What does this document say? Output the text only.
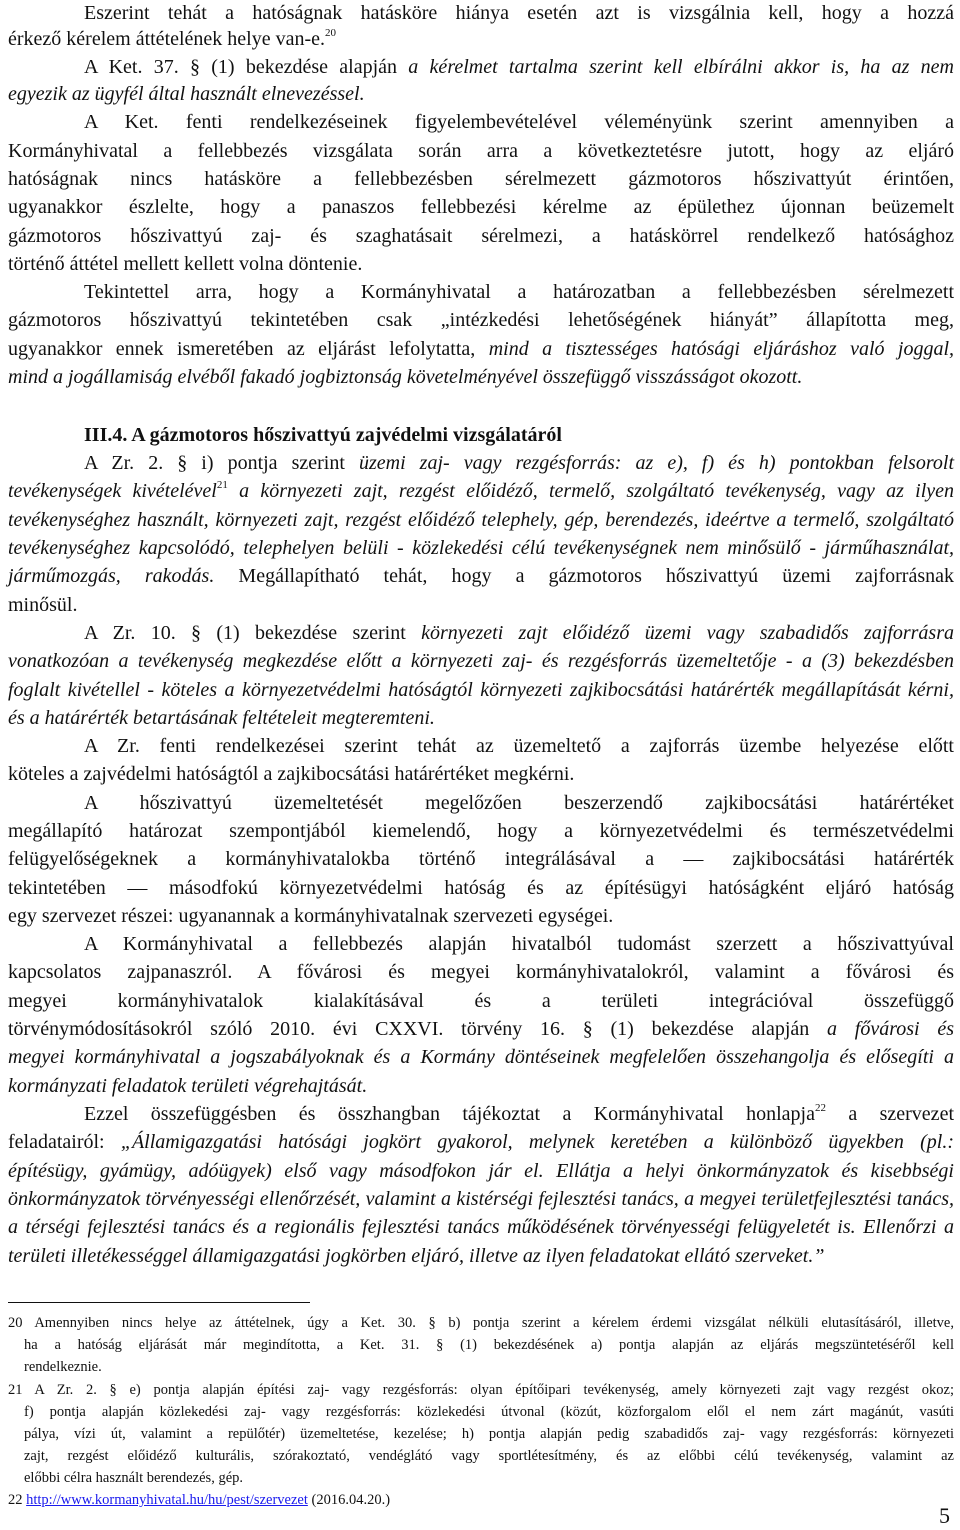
Eszerint tehát a hatóságnak hatásköre hiánya esetén azt is vizsgálnia kell, hogy a hozzá
érkező kérelem áttételének helye van-e.$^{20}$
A Ket. 37. § (1) bekezdése alapján a kérelmet tartalma szerint kell elbírálni akkor is, ha az nem
egyezik az ügyfél által használt elnevezéssel.
A Ket. fenti rendelkezéseinek figyelembevételével véleményünk szerint amennyiben a
Kormányhivatal a fellebbezés vizsgálata során arra a következtetésre jutott, hogy az eljáró
hatóságnak nincs hatásköre a fellebbezésben sérelmezett gázmotoros hőszivattyút érintően,
ugyanakkor észlelte, hogy a panaszos fellebbezési kérelme az épülethez újonnan beüzemelt
gázmotoros hőszivattyú zaj- és szaghatásait sérelmezi, a hatáskörrel rendelkező hatósághoz
történő áttétel mellett kellett volna döntenie.
Tekintettel arra, hogy a Kormányhivatal a határozatban a fellebbezésben sérelmezett
gázmotoros hőszivattyú tekintetében csak „intézkedési lehetőségének hiányát” állapította meg,
ugyanakkor ennek ismeretében az eljárást lefolytatta, mind a tisztességes hatósági eljáráshoz való joggal,
mind a jogállamiság elvéből fakadó jogbiztonság követelményével összefüggő visszásságot okozott.
III.4. A gázmotoros hőszivattyú zajvédelmi vizsgálatáról
A Zr. 2. § i) pontja szerint üzemi zaj- vagy rezgésforrás: az e), f) és h) pontokban felsorolt
tevékenységek kivételével$^{21}$ a környezeti zajt, rezgést előidéző, termelő, szolgáltató tevékenység, vagy az ilyen
tevékenységhez használt, környezeti zajt, rezgést előidéző telephely, gép, berendezés, ideértve a termelő, szolgáltató
tevékenységhez kapcsolódó, telephelyen belüli - közlekedési célú tevékenységnek nem minősülő - járműhasználat,
járműmozgás, rakodás. Megállapítható tehát, hogy a gázmotoros hőszivattyú üzemi zajforrásnak
minősül.
A Zr. 10. § (1) bekezdése szerint környezeti zajt előidéző üzemi vagy szabadidős zajforrásra
vonatkozóan a tevékenység megkezdése előtt a környezeti zaj- és rezgésforrás üzemeltetője - a (3) bekezdésben
foglalt kivétellel - köteles a környezetvédelmi hatóságtól környezeti zajkibocsátási határérték megállapítását kérni,
és a határérték betartásának feltételeit megteremteni.
A Zr. fenti rendelkezései szerint tehát az üzemeltető a zajforrás üzembe helyezése előtt
köteles a zajvédelmi hatóságtól a zajkibocsátási határértéket megkérni.
A hőszivattyú üzemeltetését megelőzően beszerzendő zajkibocsátási határértéket
megállapító határozat szempontjából kiemelendő, hogy a környezetvédelmi és természetvédelmi
felügyelőségeknek a kormányhivatalokba történő integrálásával a — zajkibocsátási határérték
tekintetében — másodfokú környezetvédelmi hatóság és az építésügyi hatóságként eljáró hatóság
egy szervezet részei: ugyanannak a kormányhivatalnak szervezeti egységei.
A Kormányhivatal a fellebbezés alapján hivatalból tudomást szerzett a hőszivattyúval
kapcsolatos zajpanaszról. A fővárosi és megyei kormányhivatalokról, valamint a fővárosi és
megyei kormányhivatalok kialakításával és a területi integrációval összefüggő
törvénymódosításokról szóló 2010. évi CXXVI. törvény 16. § (1) bekezdése alapján a fővárosi és
megyei kormányhivatal a jogszabályoknak és a Kormány döntéseinek megfelelően összehangolja és elősegíti a
kormányzati feladatok területi végrehajtását.
Ezzel összefüggésben és összhangban tájékoztat a Kormányhivatal honlapja$^{22}$ a szervezet
feladatairól: „Államigazgatási hatósági jogkört gyakorol, melynek keretében a különböző ügyekben (pl.:
építésügy, gyámügy, adóügyek) első vagy másodfokon jár el. Ellátja a helyi önkormányzatok és kisebbségi
önkormányzatok törvényességi ellenőrzését, valamint a kistérségi fejlesztési tanács, a megyei területfejlesztési tanács,
a térségi fejlesztési tanács és a regionális fejlesztési tanács működésének törvényességi felügyeletét is. Ellenőrzi a
területi illetékességgel államigazgatási jogkörben eljáró, illetve az ilyen feladatokat ellátó szerveket.”
20 Amennyiben nincs helye az áttételnek, úgy a Ket. 30. § b) pontja szerint a kérelem érdemi vizsgálat nélküli elutasításáról, illetve,
ha a hatóság eljárását már megindította, a Ket. 31. § (1) bekezdésének a) pontja alapján az eljárás megszüntetéséről kell
rendelkeznie.
21 A Zr. 2. § e) pontja alapján építési zaj- vagy rezgésforrás: olyan építőipari tevékenység, amely környezeti zajt vagy rezgést okoz;
f) pontja alapján közlekedési zaj- vagy rezgésforrás: közlekedési útvonal (közút, közforgalom elől el nem zárt magánút, vasúti
pálya, vízi út, valamint a repülőtér) üzemeltetése, kezelése; h) pontja alapján pedig szabadidős zaj- vagy rezgésforrás: környezeti
zajt, rezgést előidéző kulturális, szórakoztató, vendéglátó vagy sportlétesítmény, és az előbbi célú tevékenység, valamint az
előbbi célra használt berendezés, gép.
22 http://www.kormanyhivatal.hu/hu/pest/szervezet (2016.04.20.)
5
